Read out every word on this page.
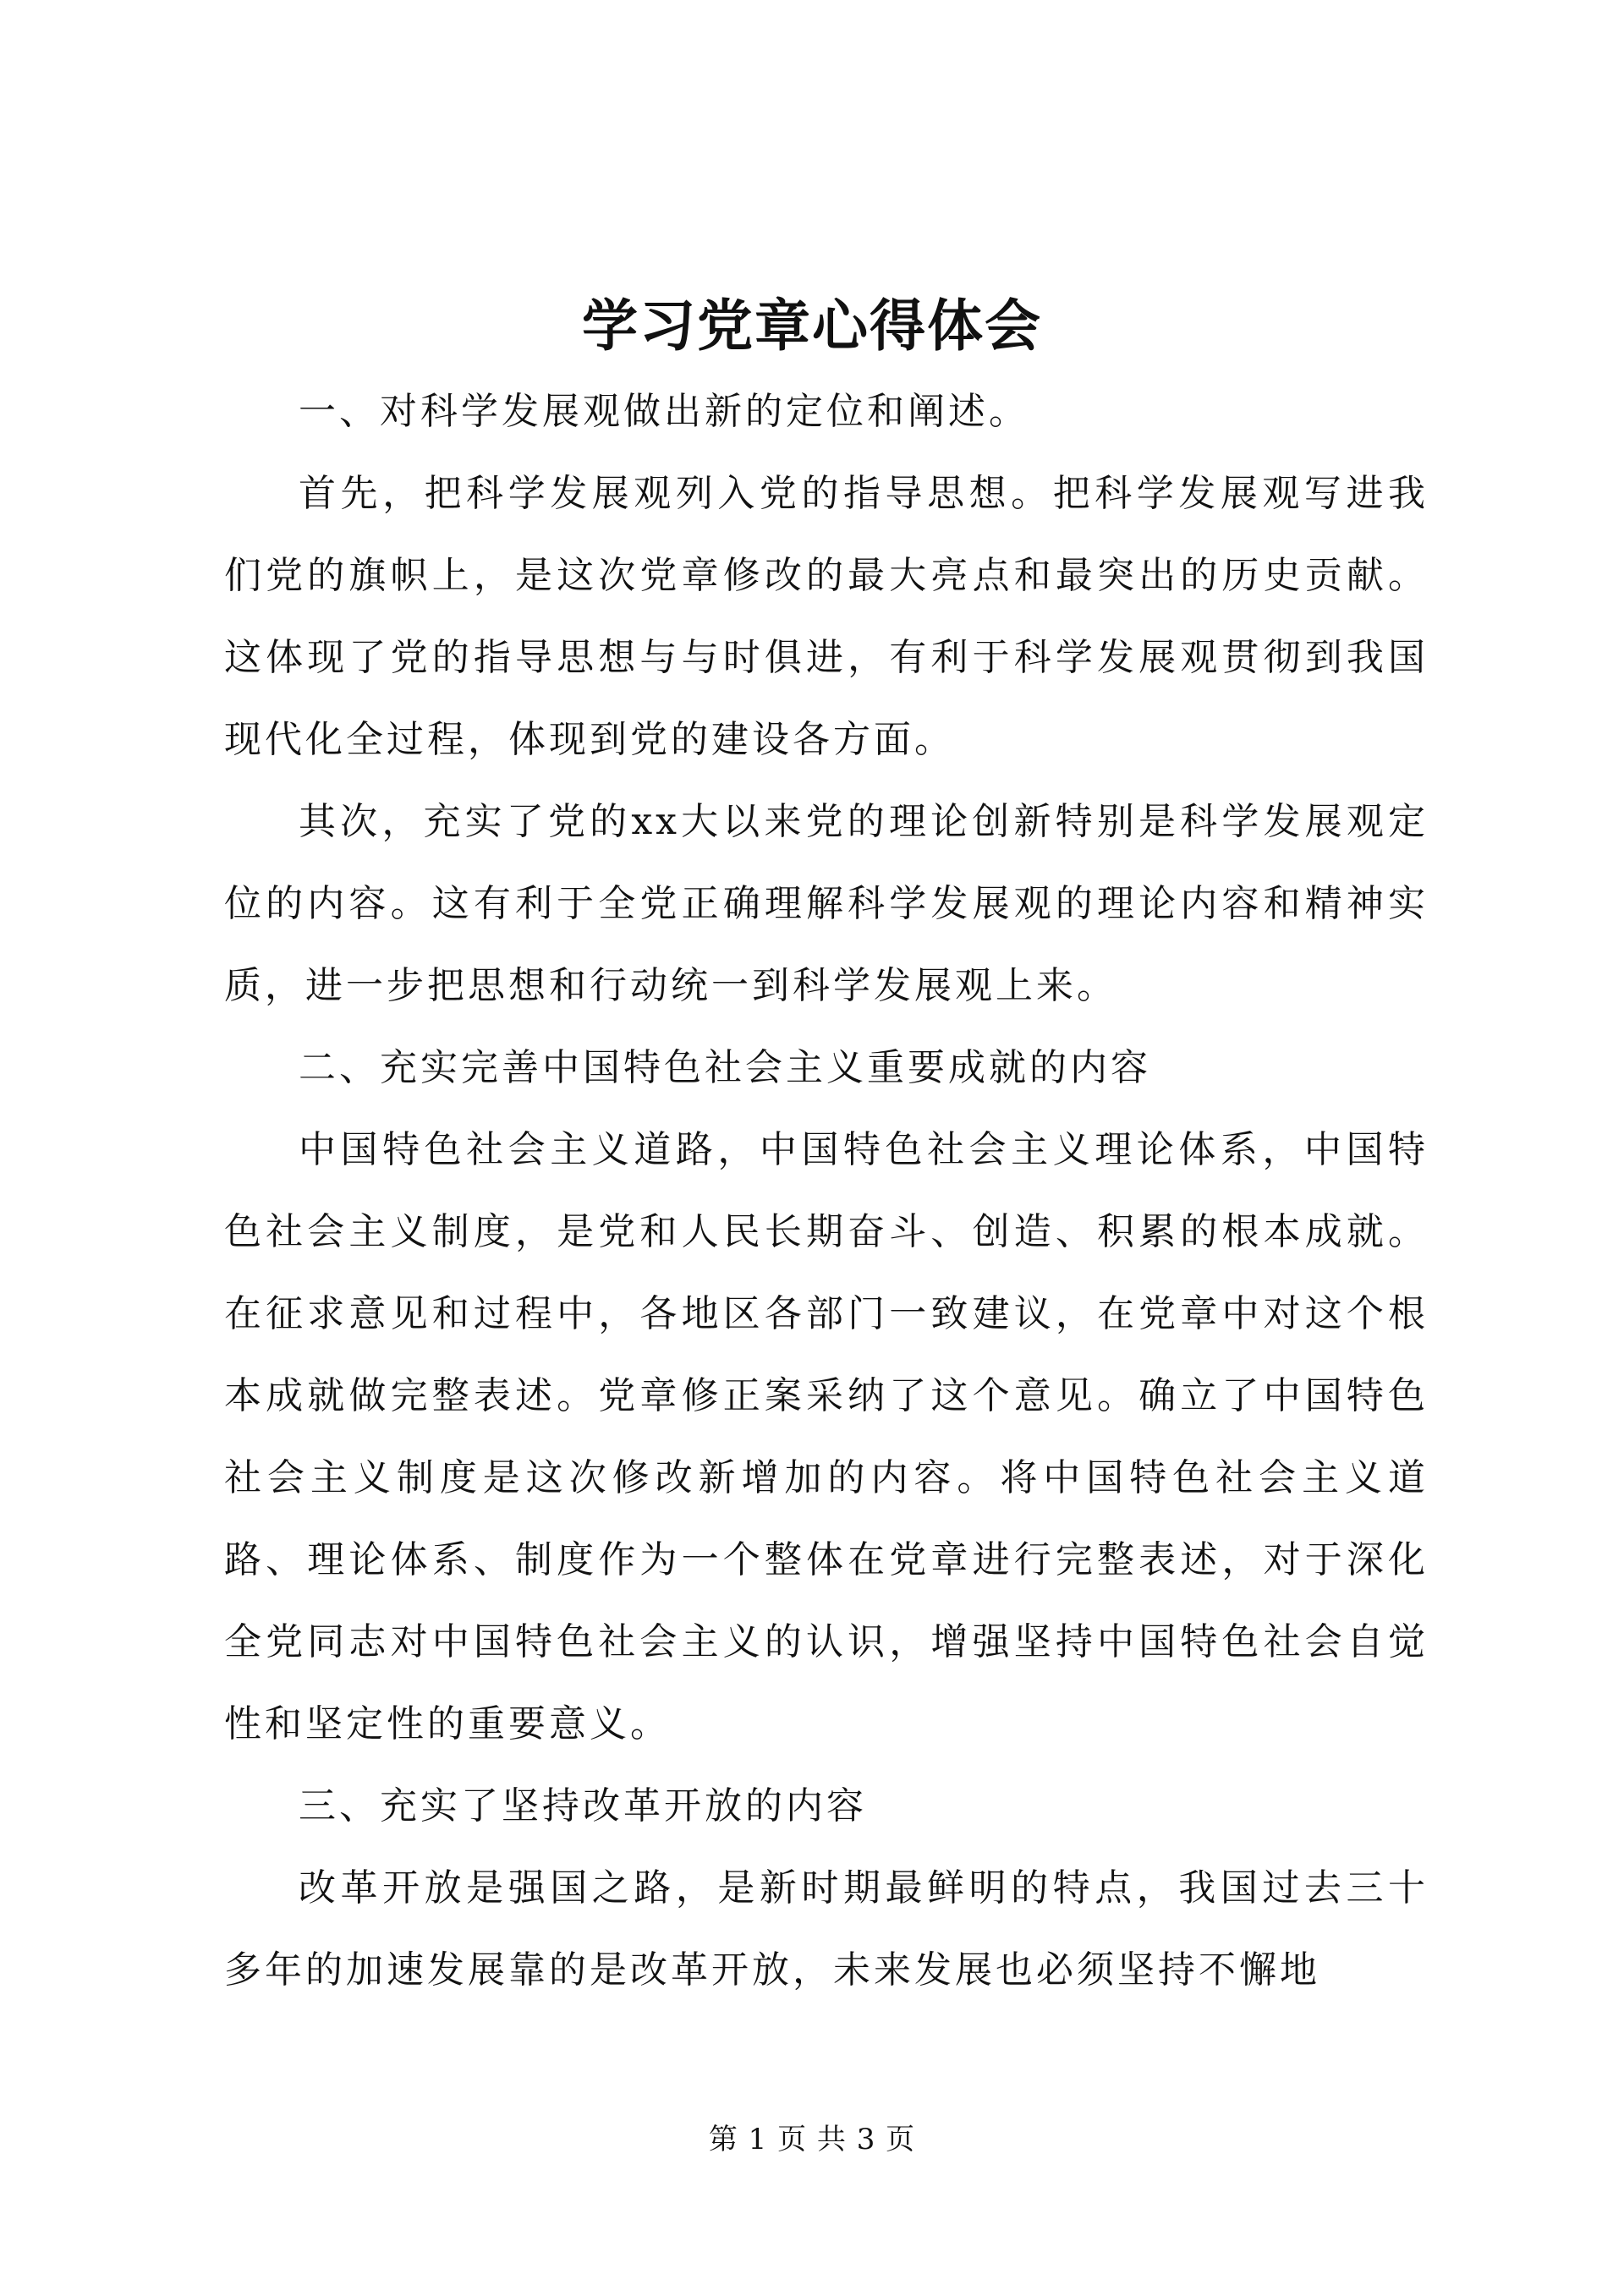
学习党章心得体会

一、对科学发展观做出新的定位和阐述。

首先，把科学发展观列入党的指导思想。把科学发展观写进我们党的旗帜上，是这次党章修改的最大亮点和最突出的历史贡献。这体现了党的指导思想与与时俱进，有利于科学发展观贯彻到我国现代化全过程，体现到党的建设各方面。

其次，充实了党的xx大以来党的理论创新特别是科学发展观定位的内容。这有利于全党正确理解科学发展观的理论内容和精神实质，进一步把思想和行动统一到科学发展观上来。

二、充实完善中国特色社会主义重要成就的内容

中国特色社会主义道路，中国特色社会主义理论体系，中国特色社会主义制度，是党和人民长期奋斗、创造、积累的根本成就。在征求意见和过程中，各地区各部门一致建议，在党章中对这个根本成就做完整表述。党章修正案采纳了这个意见。确立了中国特色社会主义制度是这次修改新增加的内容。将中国特色社会主义道路、理论体系、制度作为一个整体在党章进行完整表述，对于深化全党同志对中国特色社会主义的认识，增强坚持中国特色社会自觉性和坚定性的重要意义。

三、充实了坚持改革开放的内容

改革开放是强国之路，是新时期最鲜明的特点，我国过去三十多年的加速发展靠的是改革开放，未来发展也必须坚持不懈地

第 1 页 共 3 页
